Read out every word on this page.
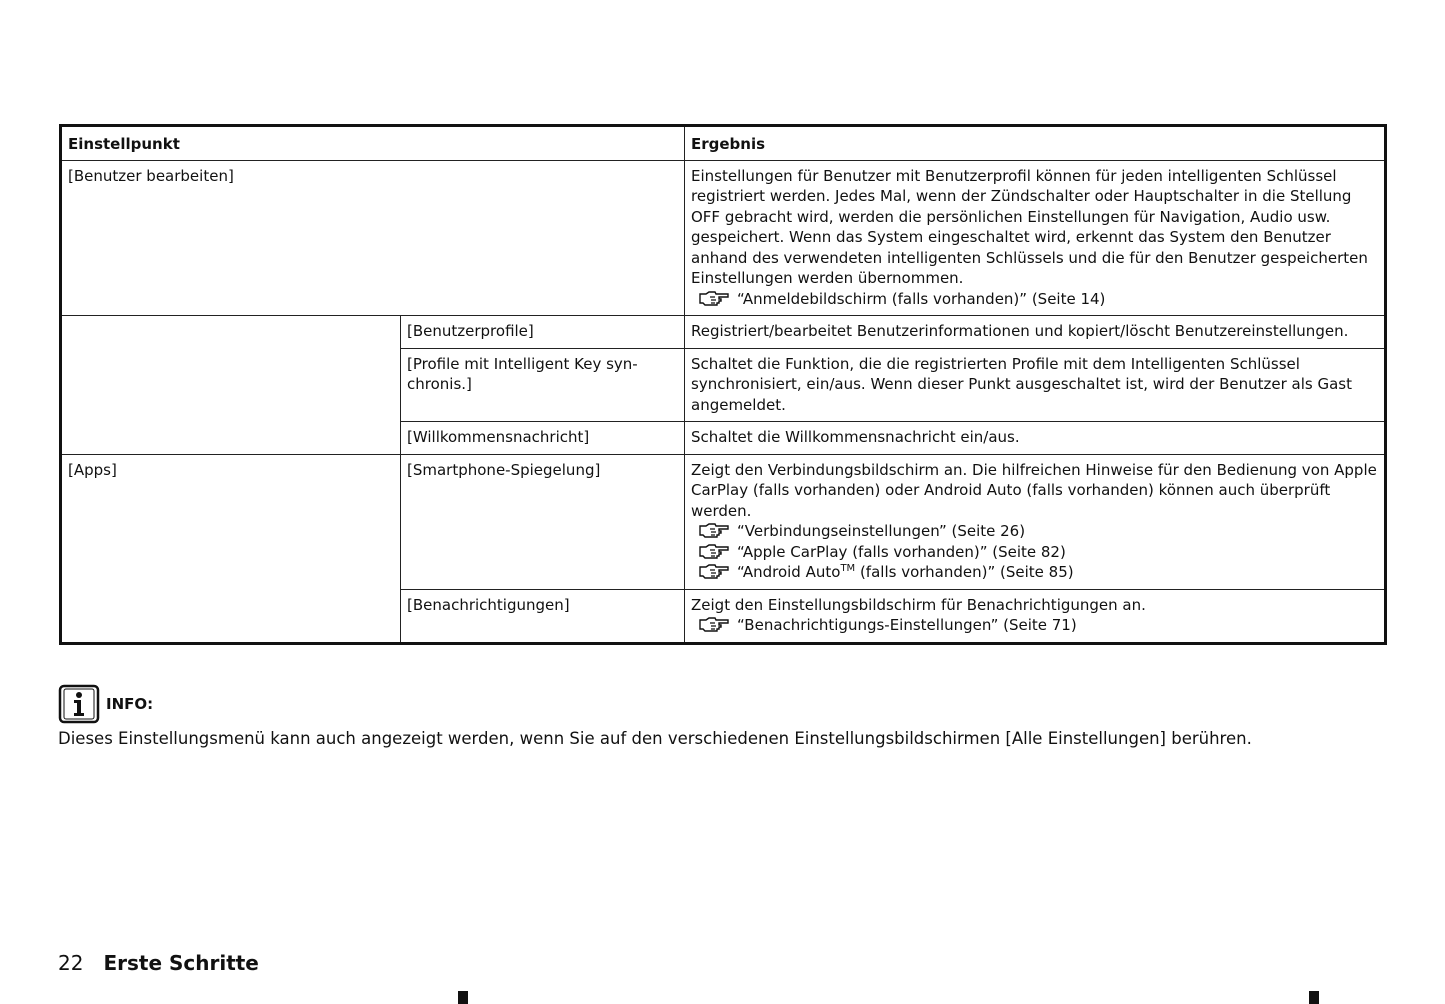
Einstellpunkt		Ergebnis
[Benutzer bearbeiten]		Einstellungen für Benutzer mit Benutzerprofil können für jeden intelligenten Schlüssel registriert werden. Jedes Mal, wenn der Zündschalter oder Hauptschalter in die Stellung OFF gebracht wird, werden die persönlichen Einstellungen für Navigation, Audio usw. gespeichert. Wenn das System eingeschaltet wird, erkennt das System den Benutzer anhand des verwendeten intelligenten Schlüssels und die für den Benutzer gespeicherten Einstellungen werden übernommen.
“Anmeldebildschirm (falls vorhanden)” (Seite 14)

	[Benutzerprofile]	Registriert/bearbeitet Benutzerinformationen und kopiert/löscht Benutzereinstellungen.
	[Profile mit Intelligent Key syn-chronis.]	Schaltet die Funktion, die die registrierten Profile mit dem Intelligenten Schlüssel synchronisiert, ein/aus. Wenn dieser Punkt ausgeschaltet ist, wird der Benutzer als Gast angemeldet.
	[Willkommensnachricht]	Schaltet die Willkommensnachricht ein/aus.
[Apps]	[Smartphone-Spiegelung]	Zeigt den Verbindungsbildschirm an. Die hilfreichen Hinweise für den Bedienung von Apple CarPlay (falls vorhanden) oder Android Auto (falls vorhanden) können auch überprüft werden.
“Verbindungseinstellungen” (Seite 26)
“Apple CarPlay (falls vorhanden)” (Seite 82)
“Android Auto™ (falls vorhanden)” (Seite 85)

	[Benachrichtigungen]	Zeigt den Einstellungsbildschirm für Benachrichtigungen an.
“Benachrichtigungs-Einstellungen” (Seite 71)
INFO:
Dieses Einstellungsmenü kann auch angezeigt werden, wenn Sie auf den verschiedenen Einstellungsbildschirmen [Alle Einstellungen] berühren.
22 Erste Schritte
